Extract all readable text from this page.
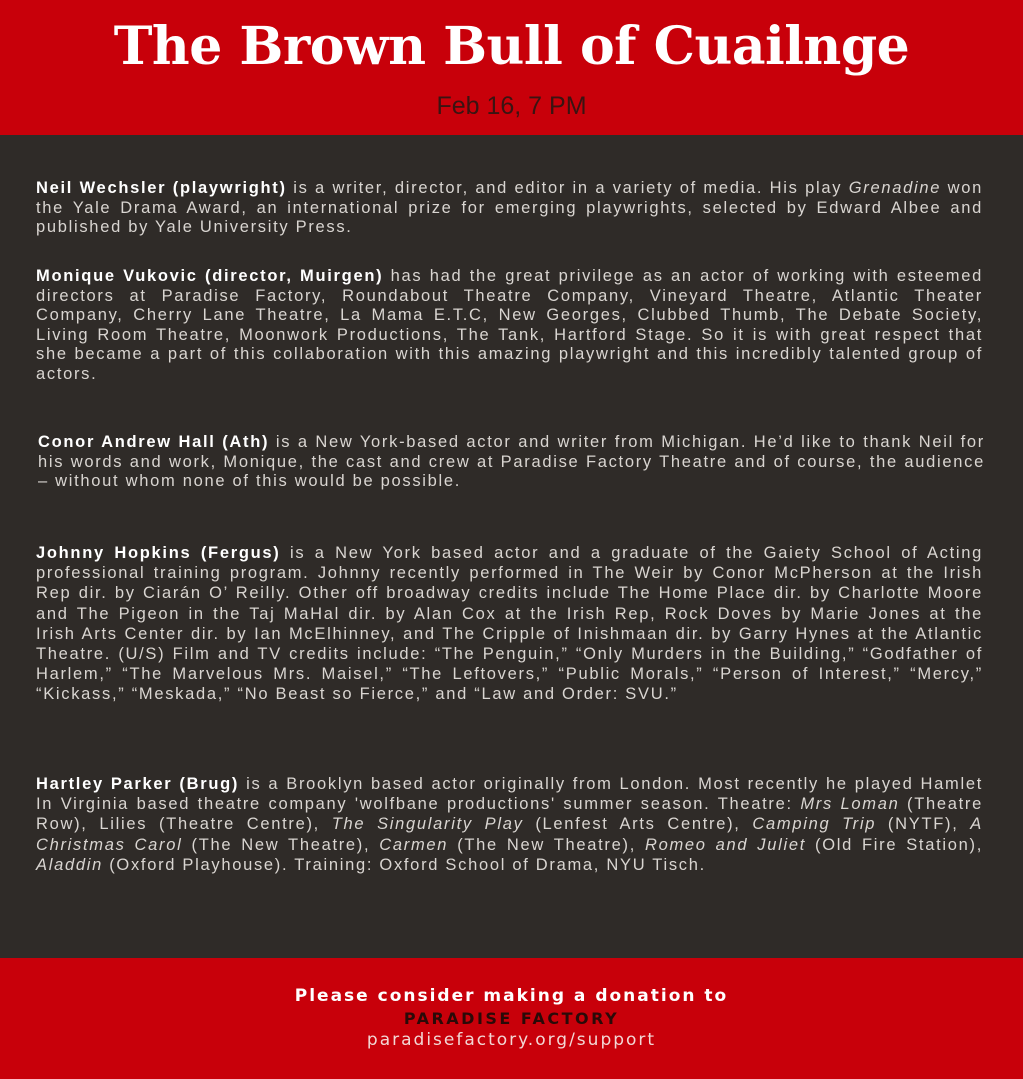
The Brown Bull of Cuailnge
Feb 16, 7 PM
Neil Wechsler (playwright) is a writer, director, and editor in a variety of media. His play Grenadine won the Yale Drama Award, an international prize for emerging playwrights, selected by Edward Albee and published by Yale University Press.
Monique Vukovic (director, Muirgen) has had the great privilege as an actor of working with esteemed directors at Paradise Factory, Roundabout Theatre Company, Vineyard Theatre, Atlantic Theater Company, Cherry Lane Theatre, La Mama E.T.C, New Georges, Clubbed Thumb, The Debate Society, Living Room Theatre, Moonwork Productions, The Tank, Hartford Stage. So it is with great respect that she became a part of this collaboration with this amazing playwright and this incredibly talented group of actors.
Conor Andrew Hall (Ath) is a New York-based actor and writer from Michigan. He’d like to thank Neil for his words and work, Monique, the cast and crew at Paradise Factory Theatre and of course, the audience – without whom none of this would be possible.
Johnny Hopkins (Fergus) is a New York based actor and a graduate of the Gaiety School of Acting professional training program. Johnny recently performed in The Weir by Conor McPherson at the Irish Rep dir. by Ciarán O’ Reilly. Other off broadway credits include The Home Place dir. by Charlotte Moore and The Pigeon in the Taj MaHal dir. by Alan Cox at the Irish Rep, Rock Doves by Marie Jones at the Irish Arts Center dir. by Ian McElhinney, and The Cripple of Inishmaan dir. by Garry Hynes at the Atlantic Theatre. (U/S) Film and TV credits include: “The Penguin,” “Only Murders in the Building,” “Godfather of Harlem,” “The Marvelous Mrs. Maisel,” “The Leftovers,” “Public Morals,” “Person of Interest,” “Mercy,” “Kickass,” “Meskada,” “No Beast so Fierce,” and “Law and Order: SVU.”
Hartley Parker (Brug) is a Brooklyn based actor originally from London. Most recently he played Hamlet In Virginia based theatre company 'wolfbane productions' summer season. Theatre: Mrs Loman (Theatre Row), Lilies (Theatre Centre), The Singularity Play (Lenfest Arts Centre), Camping Trip (NYTF), A Christmas Carol (The New Theatre), Carmen (The New Theatre), Romeo and Juliet (Old Fire Station), Aladdin (Oxford Playhouse). Training: Oxford School of Drama, NYU Tisch.
Please consider making a donation to
PARADISE FACTORY
paradisefactory.org/support
